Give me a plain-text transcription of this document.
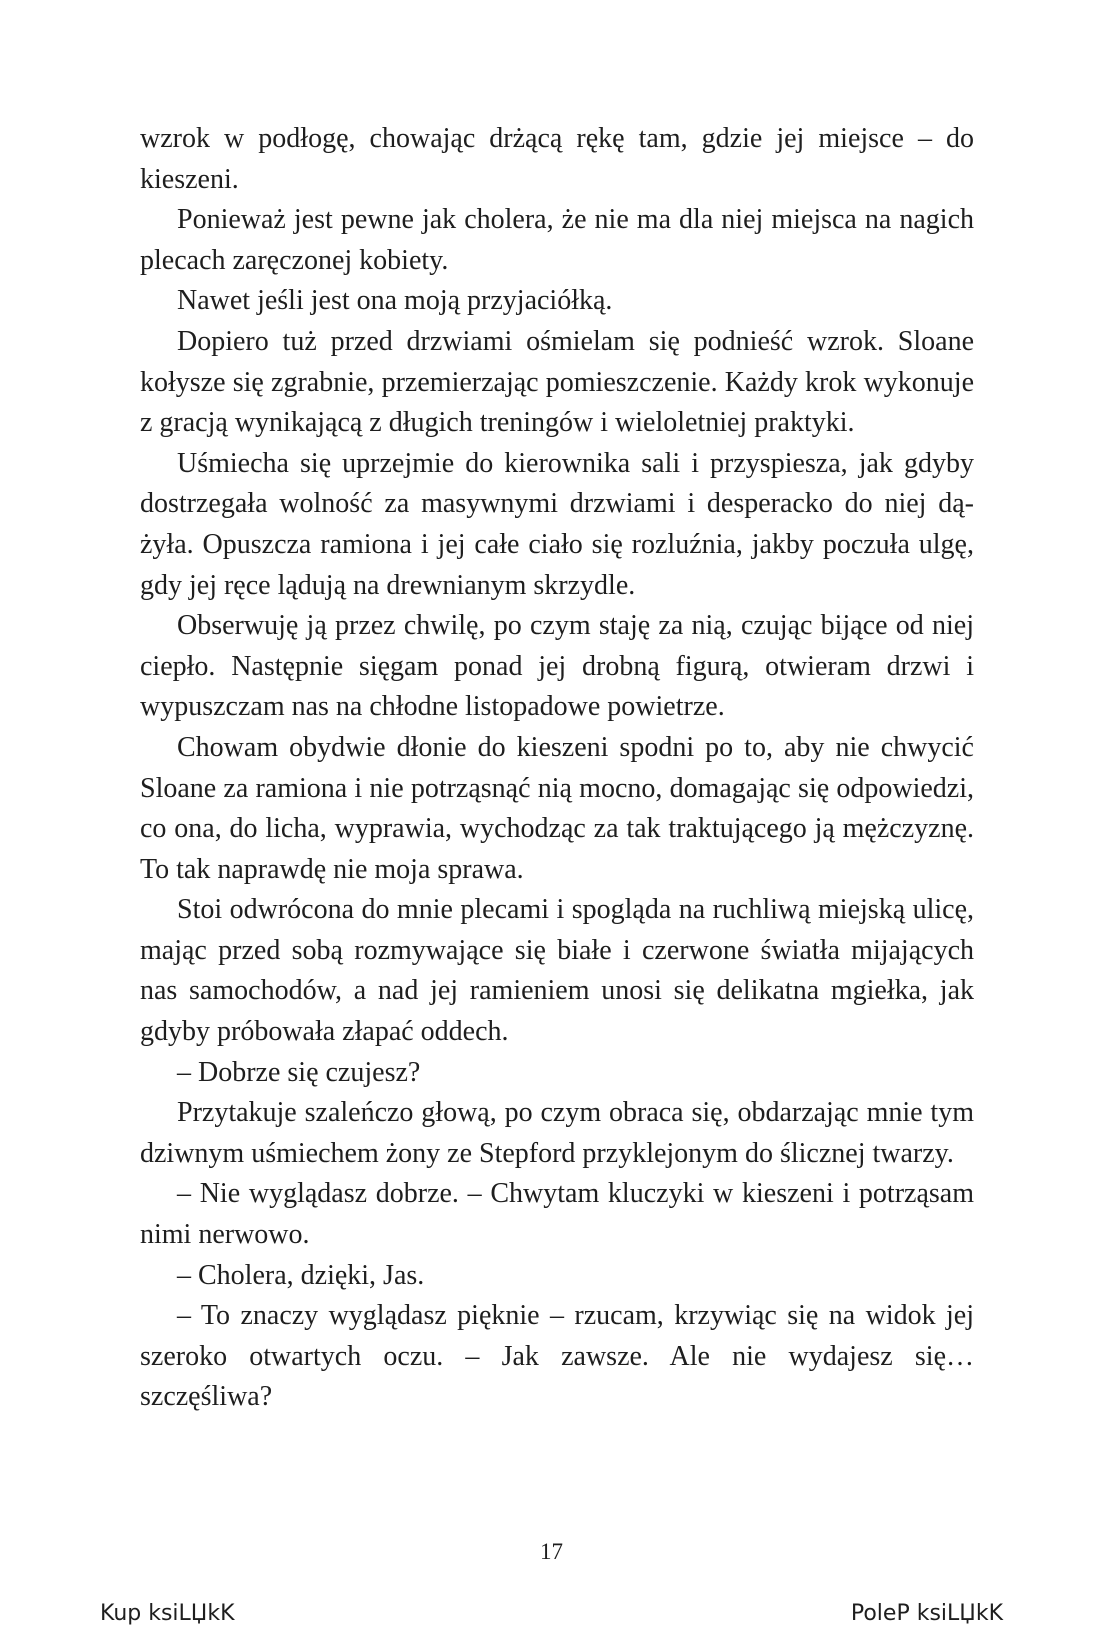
wzrok w podłogę, chowając drżącą rękę tam, gdzie jej miejsce – do kieszeni.

Ponieważ jest pewne jak cholera, że nie ma dla niej miejsca na nagich plecach zaręczonej kobiety.

Nawet jeśli jest ona moją przyjaciółką.

Dopiero tuż przed drzwiami ośmielam się podnieść wzrok. Sloane kołysze się zgrabnie, przemierzając pomieszczenie. Każdy krok wykonuje z gracją wynikającą z długich treningów i wieloletniej praktyki.

Uśmiecha się uprzejmie do kierownika sali i przyspiesza, jak gdyby dostrzegała wolność za masywnymi drzwiami i desperacko do niej dążyła. Opuszcza ramiona i jej całe ciało się rozluźnia, jakby poczuła ulgę, gdy jej ręce lądują na drewnianym skrzydle.

Obserwuję ją przez chwilę, po czym staję za nią, czując bijące od niej ciepło. Następnie sięgam ponad jej drobną figurą, otwieram drzwi i wypuszczam nas na chłodne listopadowe powietrze.

Chowam obydwie dłonie do kieszeni spodni po to, aby nie chwycić Sloane za ramiona i nie potrząsnąć nią mocno, domagając się odpowiedzi, co ona, do licha, wyprawia, wychodząc za tak traktującego ją mężczyznę. To tak naprawdę nie moja sprawa.

Stoi odwrócona do mnie plecami i spogląda na ruchliwą miejską ulicę, mając przed sobą rozmywające się białe i czerwone światła mijających nas samochodów, a nad jej ramieniem unosi się delikatna mgiełka, jak gdyby próbowała złapać oddech.

– Dobrze się czujesz?

Przytakuje szaleńczo głową, po czym obraca się, obdarzając mnie tym dziwnym uśmiechem żony ze Stepford przyklejonym do ślicznej twarzy.

– Nie wyglądasz dobrze. – Chwytam kluczyki w kieszeni i potrząsam nimi nerwowo.

– Cholera, dzięki, Jas.

– To znaczy wyglądasz pięknie – rzucam, krzywiąc się na widok jej szeroko otwartych oczu. – Jak zawsze. Ale nie wydajesz się… szczęśliwa?

17
Kup ksiLЏkK	PoleP ksiLЏkK
